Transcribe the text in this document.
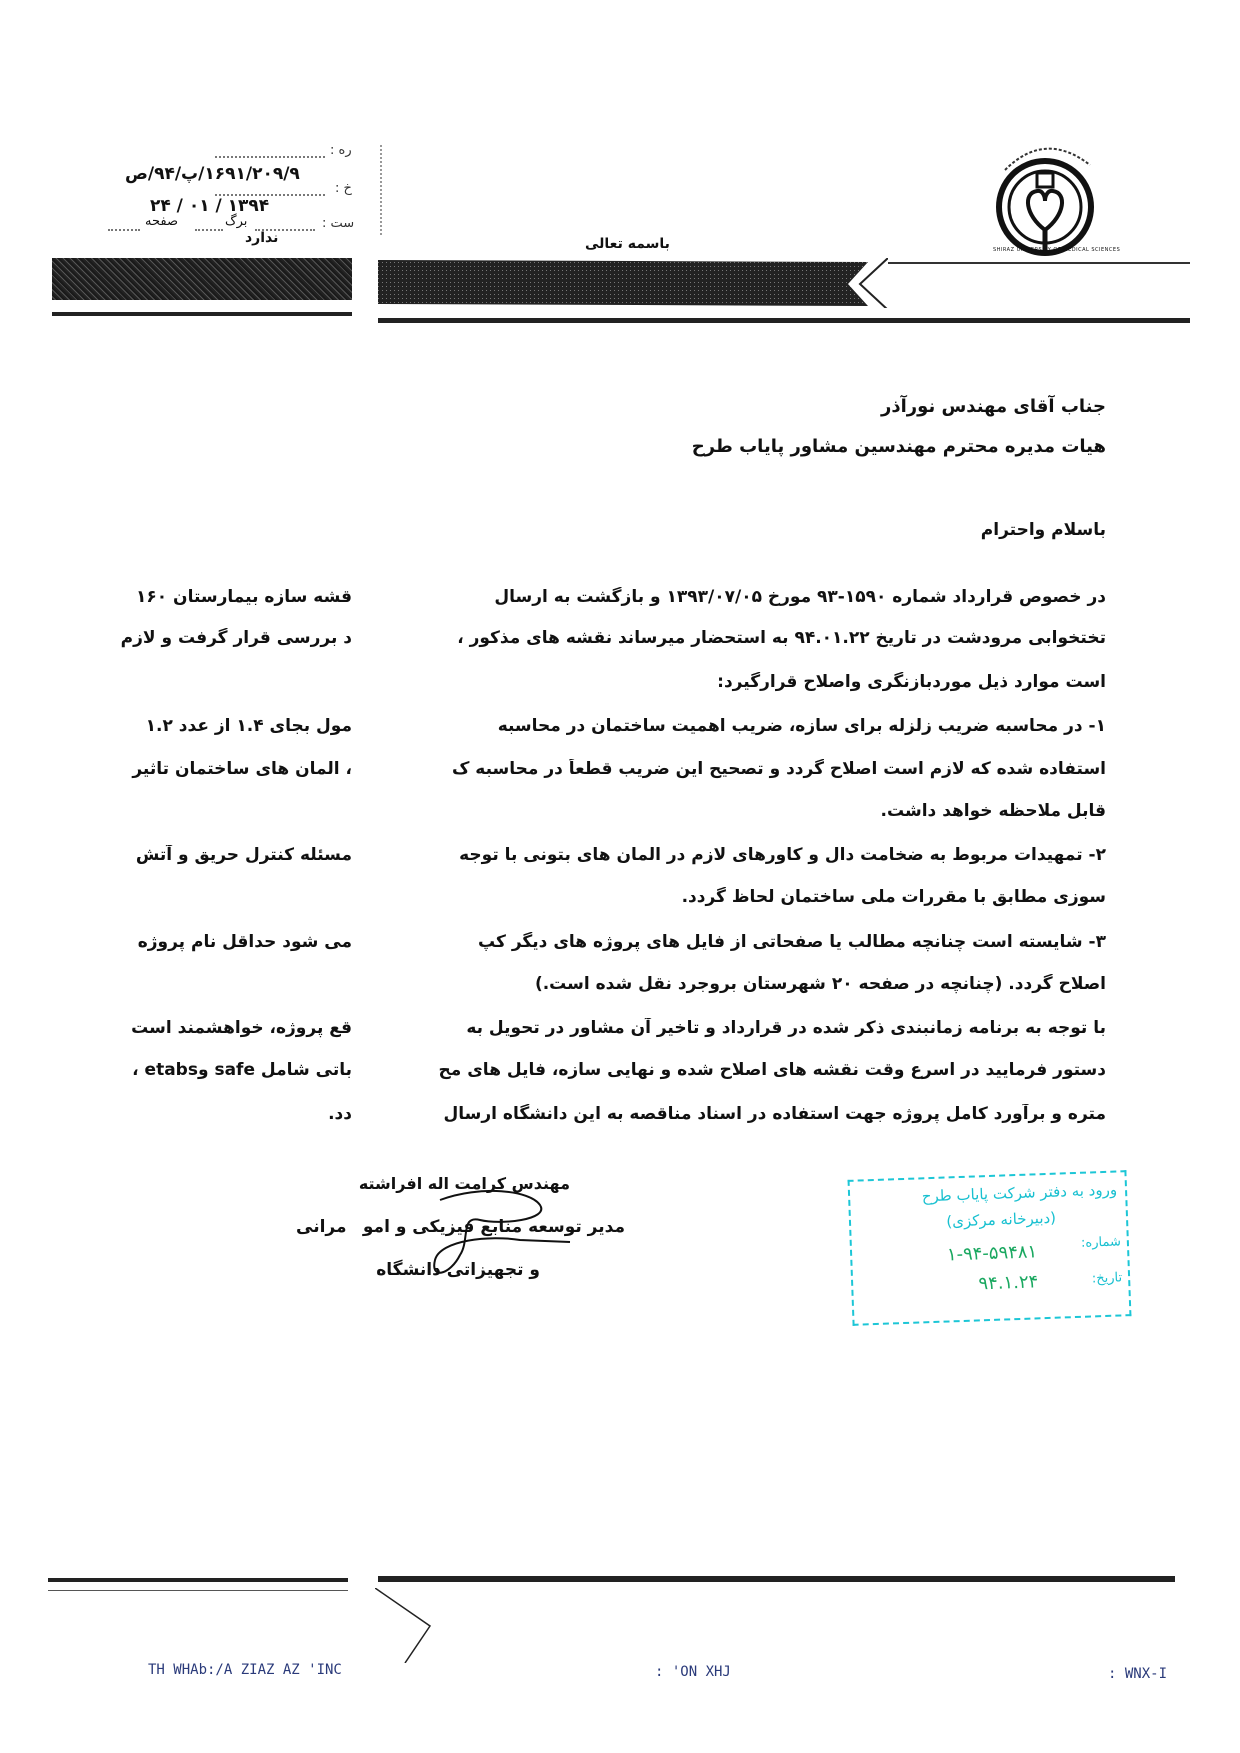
ره :
۱۶۹۱/۲۰۹/۹/پ/۹۴/ص
خ :
۱۳۹۴ / ۰۱ / ۲۴
ست :
برگ
صفحه
ندارد	باسمه تعالی	SHIRAZ UNIVERSITY OF MEDICAL SCIENCES
جناب آقای مهندس نورآذر
هیات مدیره محترم مهندسین مشاور پایاب طرح
باسلام واحترام
در خصوص قرارداد شماره ۱۵۹۰-۹۳ مورخ ۱۳۹۳/۰۷/۰۵ و بازگشت به ارسال
قشه سازه بیمارستان ۱۶۰
تختخوابی مرودشت در تاریخ ۹۴.۰۱.۲۲ به استحضار میرساند نقشه های مذکور ،
د بررسی قرار گرفت و لازم
است موارد ذیل موردبازنگری واصلاح قرارگیرد:
۱- در محاسبه ضریب زلزله برای سازه، ضریب اهمیت ساختمان در محاسبه
مول بجای ۱.۴ از عدد ۱.۲
استفاده شده که لازم است اصلاح گردد و تصحیح این ضریب قطعاً در محاسبه ک
، المان های ساختمان تاثیر
قابل ملاحظه خواهد داشت.
۲- تمهیدات مربوط به ضخامت دال و کاورهای لازم در المان های بتونی با توجه
مسئله کنترل حریق و آتش
سوزی مطابق با مقررات ملی ساختمان لحاظ گردد.
۳- شایسته است چنانچه مطالب یا صفحاتی از فایل های پروژه های دیگر کپ
می شود حداقل نام پروژه
اصلاح گردد. (چنانچه در صفحه ۲۰ شهرستان بروجرد نقل شده است.)
با توجه به برنامه زمانبندی ذکر شده در قرارداد و تاخیر آن مشاور در تحویل به
قع پروژه، خواهشمند است
دستور فرمایید در اسرع وقت نقشه های اصلاح شده و نهایی سازه، فایل های مح
باتی شامل safe وetabs ،
متره و برآورد کامل پروژه جهت استفاده در اسناد مناقصه به این دانشگاه ارسال
دد.
مهندس کرامت اله افراشته
مدیر توسعه منابع فیزیکی و امو
مرانی
و تجهیزاتی دانشگاه
ورود به دفتر شرکت پایاب طرح
(دبیرخانه مرکزی)
شماره:
۱-۹۴-۵۹۴۸۱
تاریخ:
۹۴.۱.۲۴
TH WHAb:/A ZIAZ AZ 'INC	: 'ON XHJ	: WNX-I
